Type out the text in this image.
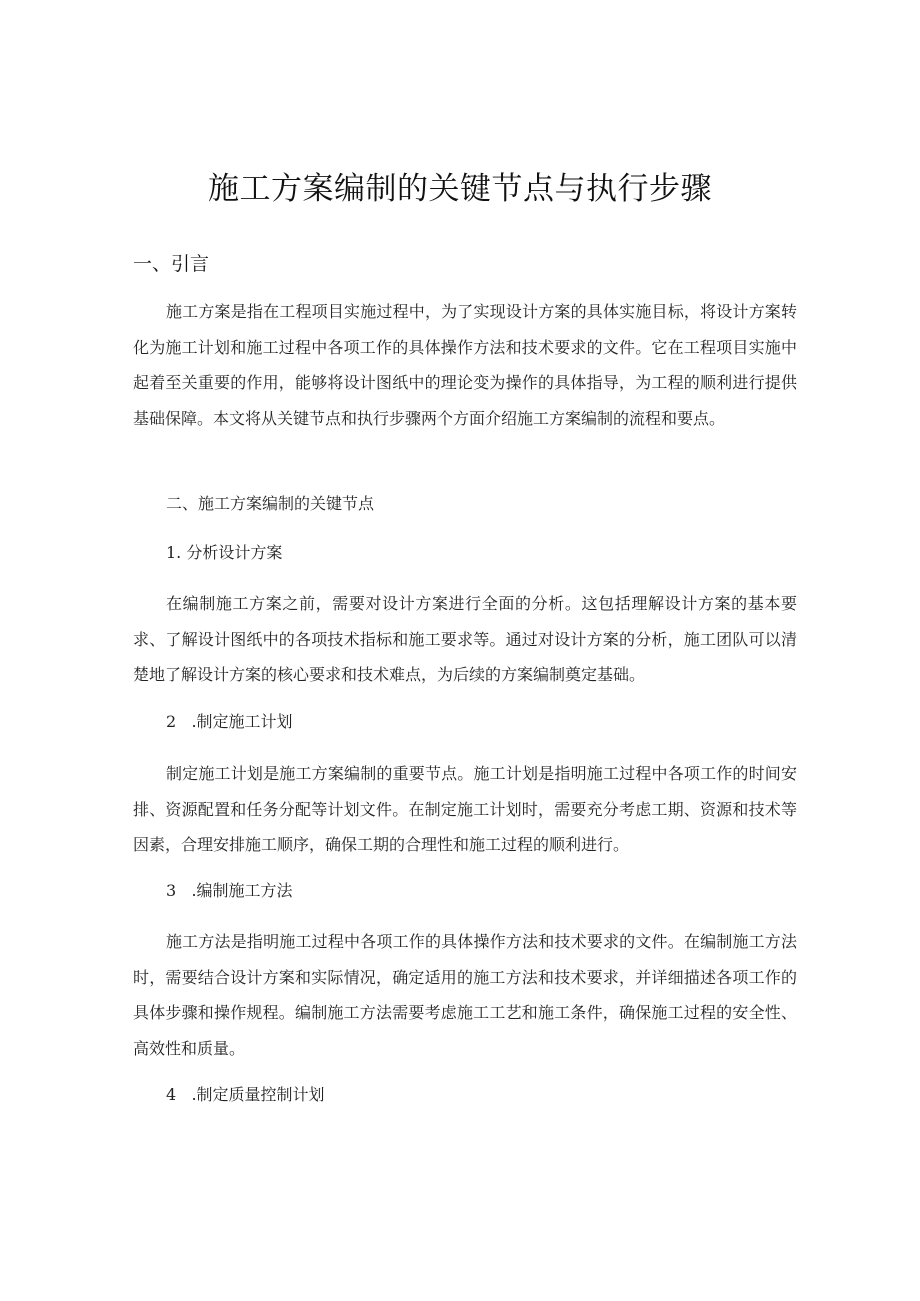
施工方案编制的关键节点与执行步骤
一、引言

施工方案是指在工程项目实施过程中，为了实现设计方案的具体实施目标，将设计方案转化为施工计划和施工过程中各项工作的具体操作方法和技术要求的文件。它在工程项目实施中起着至关重要的作用，能够将设计图纸中的理论变为操作的具体指导，为工程的顺利进行提供基础保障。本文将从关键节点和执行步骤两个方面介绍施工方案编制的流程和要点。

二、施工方案编制的关键节点
1. 分析设计方案

在编制施工方案之前，需要对设计方案进行全面的分析。这包括理解设计方案的基本要求、了解设计图纸中的各项技术指标和施工要求等。通过对设计方案的分析，施工团队可以清楚地了解设计方案的核心要求和技术难点，为后续的方案编制奠定基础。

2   .制定施工计划

制定施工计划是施工方案编制的重要节点。施工计划是指明施工过程中各项工作的时间安排、资源配置和任务分配等计划文件。在制定施工计划时，需要充分考虑工期、资源和技术等因素，合理安排施工顺序，确保工期的合理性和施工过程的顺利进行。

3   .编制施工方法

施工方法是指明施工过程中各项工作的具体操作方法和技术要求的文件。在编制施工方法时，需要结合设计方案和实际情况，确定适用的施工方法和技术要求，并详细描述各项工作的具体步骤和操作规程。编制施工方法需要考虑施工工艺和施工条件，确保施工过程的安全性、高效性和质量。

4   .制定质量控制计划
